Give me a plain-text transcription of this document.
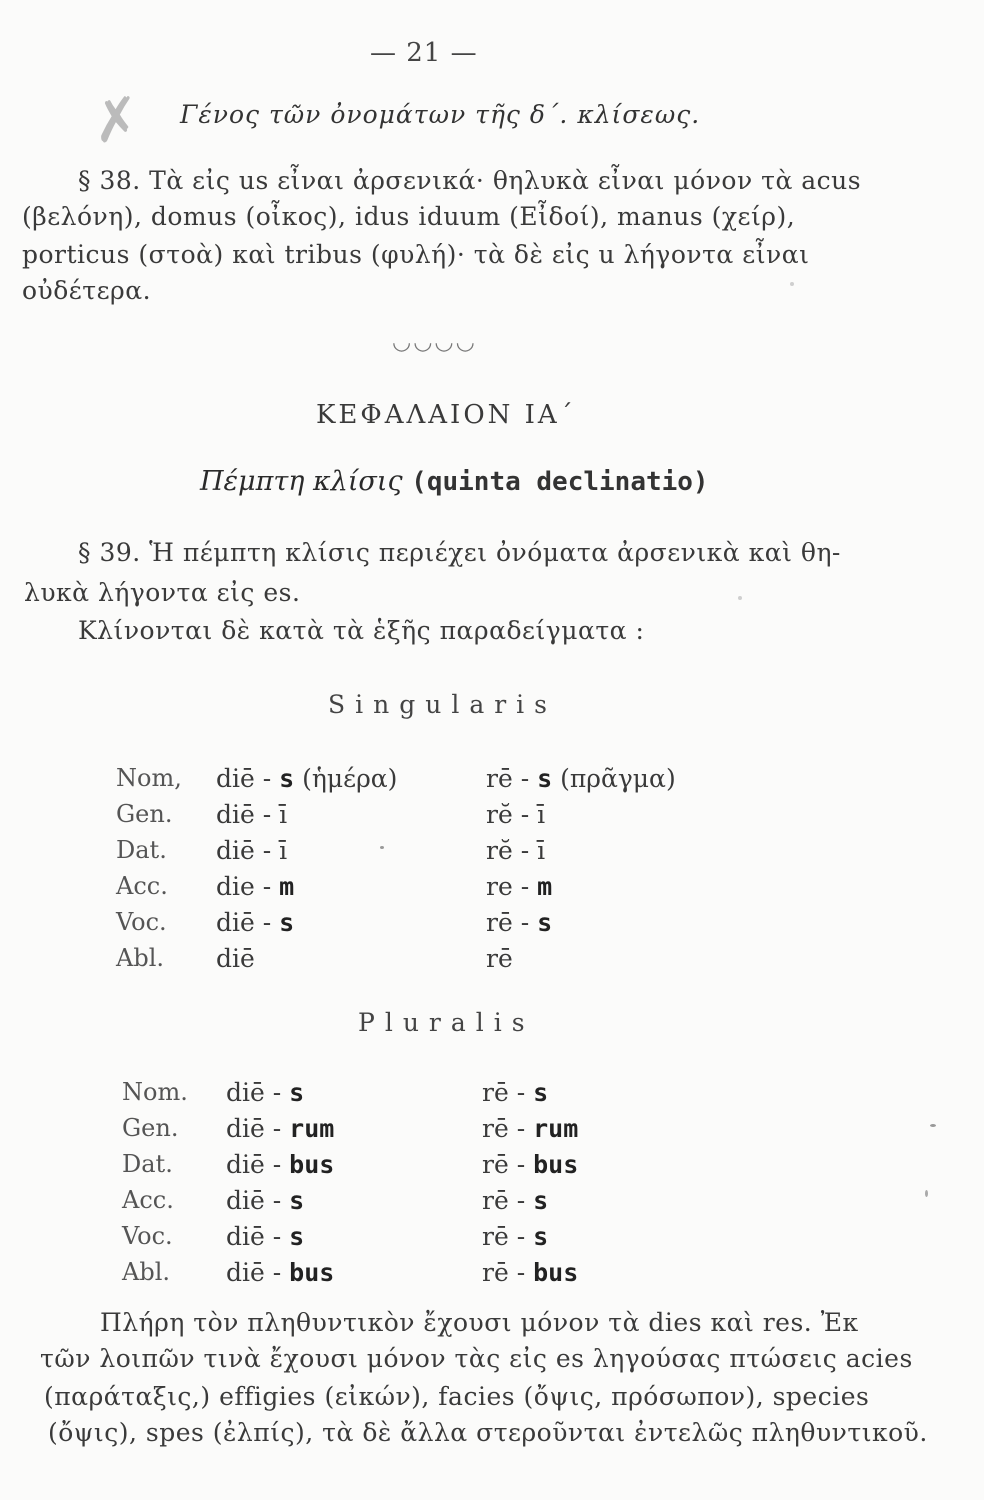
— 21 —
✗ Γένος τῶν ὀνομάτων τῆς δ΄. κλίσεως.
§ 38. Τὰ εἰς us εἶναι ἀρσενικά· θηλυκὰ εἶναι μόνον τὰ acus
(βελόνη), domus (οἶκος), idus iduum (Εἶδοί), manus (χείρ),
porticus (στοὰ) καὶ tribus (φυλή)· τὰ δὲ εἰς u λήγοντα εἶναι
οὐδέτερα.
◡◡◡◡
ΚΕΦΑΛΑΙΟΝ ΙΑ΄
Πέμπτη κλίσις (quinta declinatio)
§ 39. Ἡ πέμπτη κλίσις περιέχει ὀνόματα ἀρσενικὰ καὶ θη-
λυκὰ λήγοντα εἰς es.
Κλίνονται δὲ κατὰ τὰ ἑξῆς παραδείγματα :
Singularis
Nom, diē - s (ἡμέρα)	rē - s (πρᾶγμα)
Gen. diē - ī	rĕ - ī
Dat. diē - ī	rĕ - ī
Acc. die - m	re - m
Voc. diē - s	rē - s
Abl. diē	rē
Pluralis
Nom. diē - s	rē - s
Gen. diē - rum	rē - rum
Dat. diē - bus	rē - bus
Acc. diē - s	rē - s
Voc. diē - s	rē - s
Abl. diē - bus	rē - bus
Πλήρη τὸν πληθυντικὸν ἔχουσι μόνον τὰ dies καὶ res. Ἐκ
τῶν λοιπῶν τινὰ ἔχουσι μόνον τὰς εἰς es ληγούσας πτώσεις acies
(παράταξις,) effigies (εἰκών), facies (ὄψις, πρόσωπον), species
(ὄψις), spes (ἐλπίς), τὰ δὲ ἄλλα στεροῦνται ἐντελῶς πληθυντικοῦ.
